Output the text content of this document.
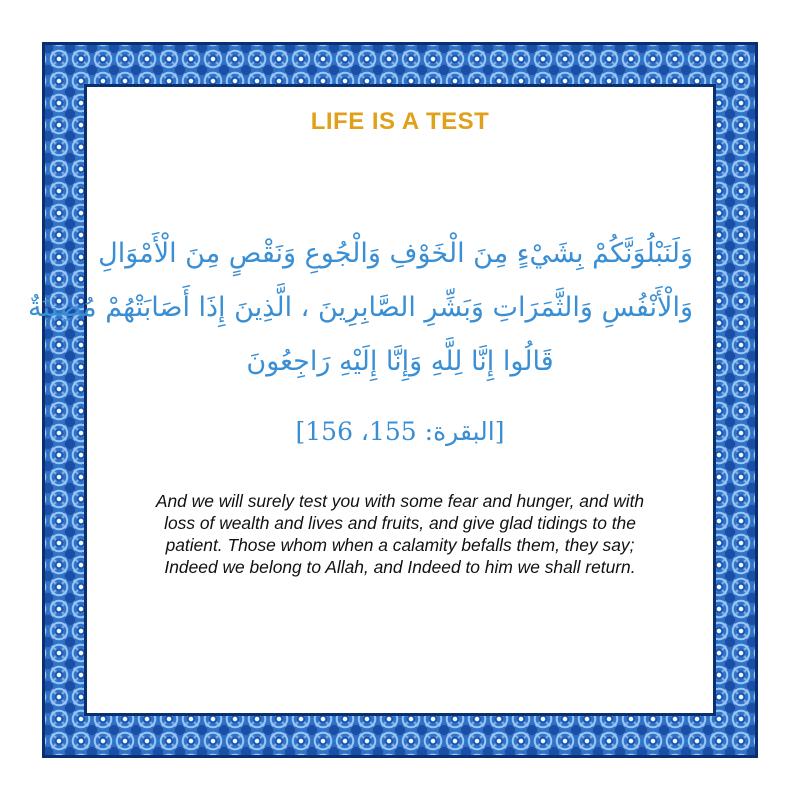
LIFE IS A TEST
وَلَنَبْلُوَنَّكُمْ بِشَيْءٍ مِنَ الْخَوْفِ وَالْجُوعِ وَنَقْصٍ مِنَ الْأَمْوَالِ
وَالْأَنْفُسِ وَالثَّمَرَاتِ وَبَشِّرِ الصَّابِرِينَ ، الَّذِينَ إِذَا أَصَابَتْهُمْ مُصِيبَةٌ
قَالُوا إِنَّا لِلَّهِ وَإِنَّا إِلَيْهِ رَاجِعُونَ
[البقرة: 155، 156]
And we will surely test you with some fear and hunger, and with
loss of wealth and lives and fruits, and give glad tidings to the
patient. Those whom when a calamity befalls them, they say;
Indeed we belong to Allah, and Indeed to him we shall return.
